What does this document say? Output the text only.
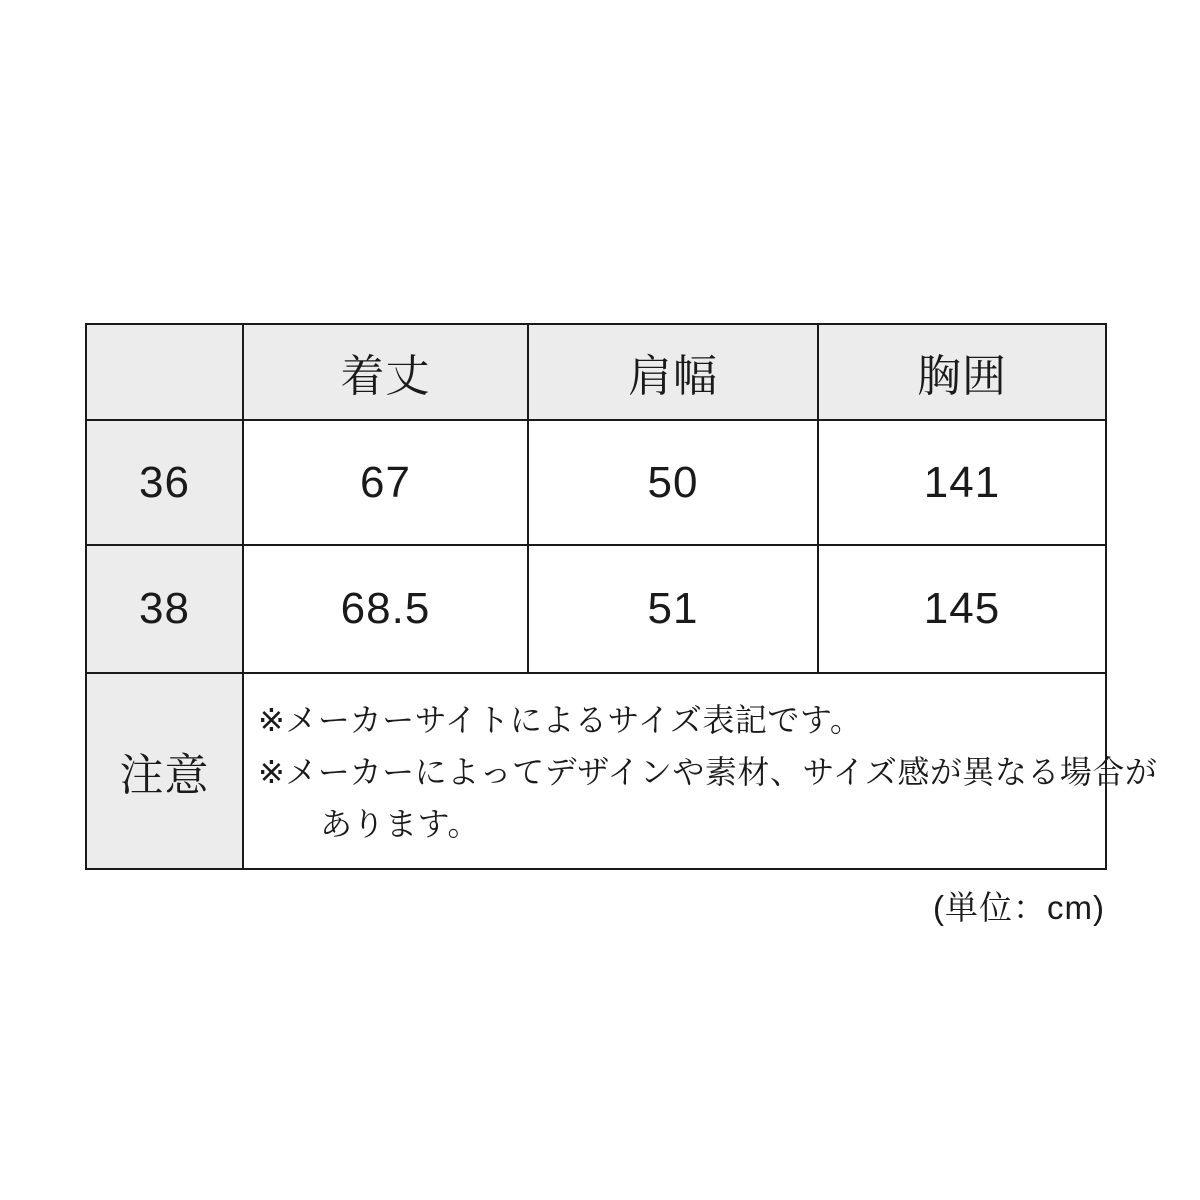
	着丈	肩幅	胸囲
36	67	50	141
38	68.5	51	145
注意	※メーカーサイトによるサイズ表記です。
※メーカーによってデザインや素材、サイズ感が異なる場合が
あります。		
(単位：cm)
